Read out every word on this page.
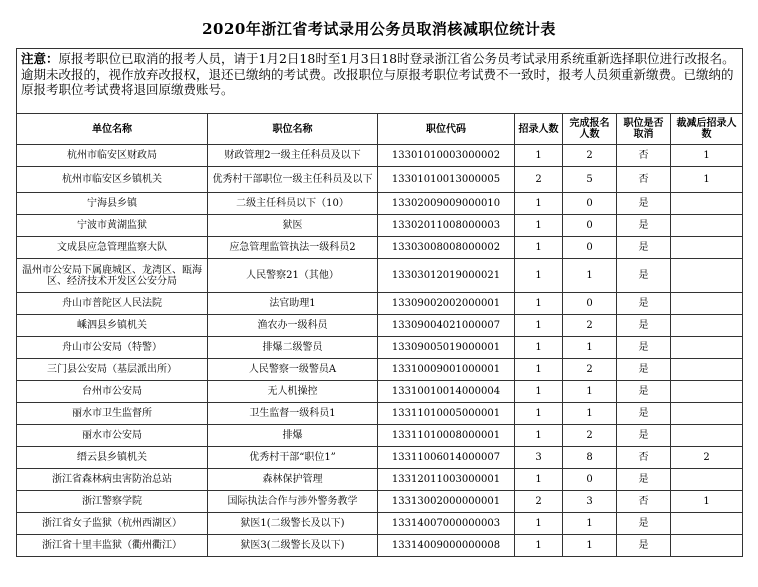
2020年浙江省考试录用公务员取消核减职位统计表
注意：原报考职位已取消的报考人员，请于1月2日18时至1月3日18时登录浙江省公务员考试录用系统重新选择职位进行改报名。逾期未改报的，视作放弃改报权，退还已缴纳的考试费。改报职位与原报考职位考试费不一致时，报考人员须重新缴费。已缴纳的原报考职位考试费将退回原缴费账号。						
单位名称	职位名称	职位代码	招录人数	完成报名人数	职位是否取消	裁减后招录人数
杭州市临安区财政局	财政管理2一级主任科员及以下	13301010003000002	1	2	否	1
杭州市临安区乡镇机关	优秀村干部职位一级主任科员及以下	13301010013000005	2	5	否	1
宁海县乡镇	二级主任科员以下（10）	13302009009000010	1	0	是	
宁波市黄湖监狱	狱医	13302011008000003	1	0	是	
文成县应急管理监察大队	应急管理监管执法一级科员2	13303008008000002	1	0	是	
温州市公安局下属鹿城区、龙湾区、瓯海区、经济技术开发区公安分局	人民警察21（其他）	13303012019000021	1	1	是	
舟山市普陀区人民法院	法官助理1	13309002002000001	1	0	是	
嵊泗县乡镇机关	渔农办一级科员	13309004021000007	1	2	是	
舟山市公安局（特警）	排爆二级警员	13309005019000001	1	1	是	
三门县公安局（基层派出所）	人民警察一级警员A	13310009001000001	1	2	是	
台州市公安局	无人机操控	13310010014000004	1	1	是	
丽水市卫生监督所	卫生监督一级科员1	13311010005000001	1	1	是	
丽水市公安局	排爆	13311010008000001	1	2	是	
缙云县乡镇机关	优秀村干部“职位1”	13311006014000007	3	8	否	2
浙江省森林病虫害防治总站	森林保护管理	13312011003000001	1	0	是	
浙江警察学院	国际执法合作与涉外警务教学	13313002000000001	2	3	否	1
浙江省女子监狱（杭州西湖区）	狱医1(二级警长及以下)	13314007000000003	1	1	是	
浙江省十里丰监狱（衢州衢江）	狱医3(二级警长及以下)	13314009000000008	1	1	是	
